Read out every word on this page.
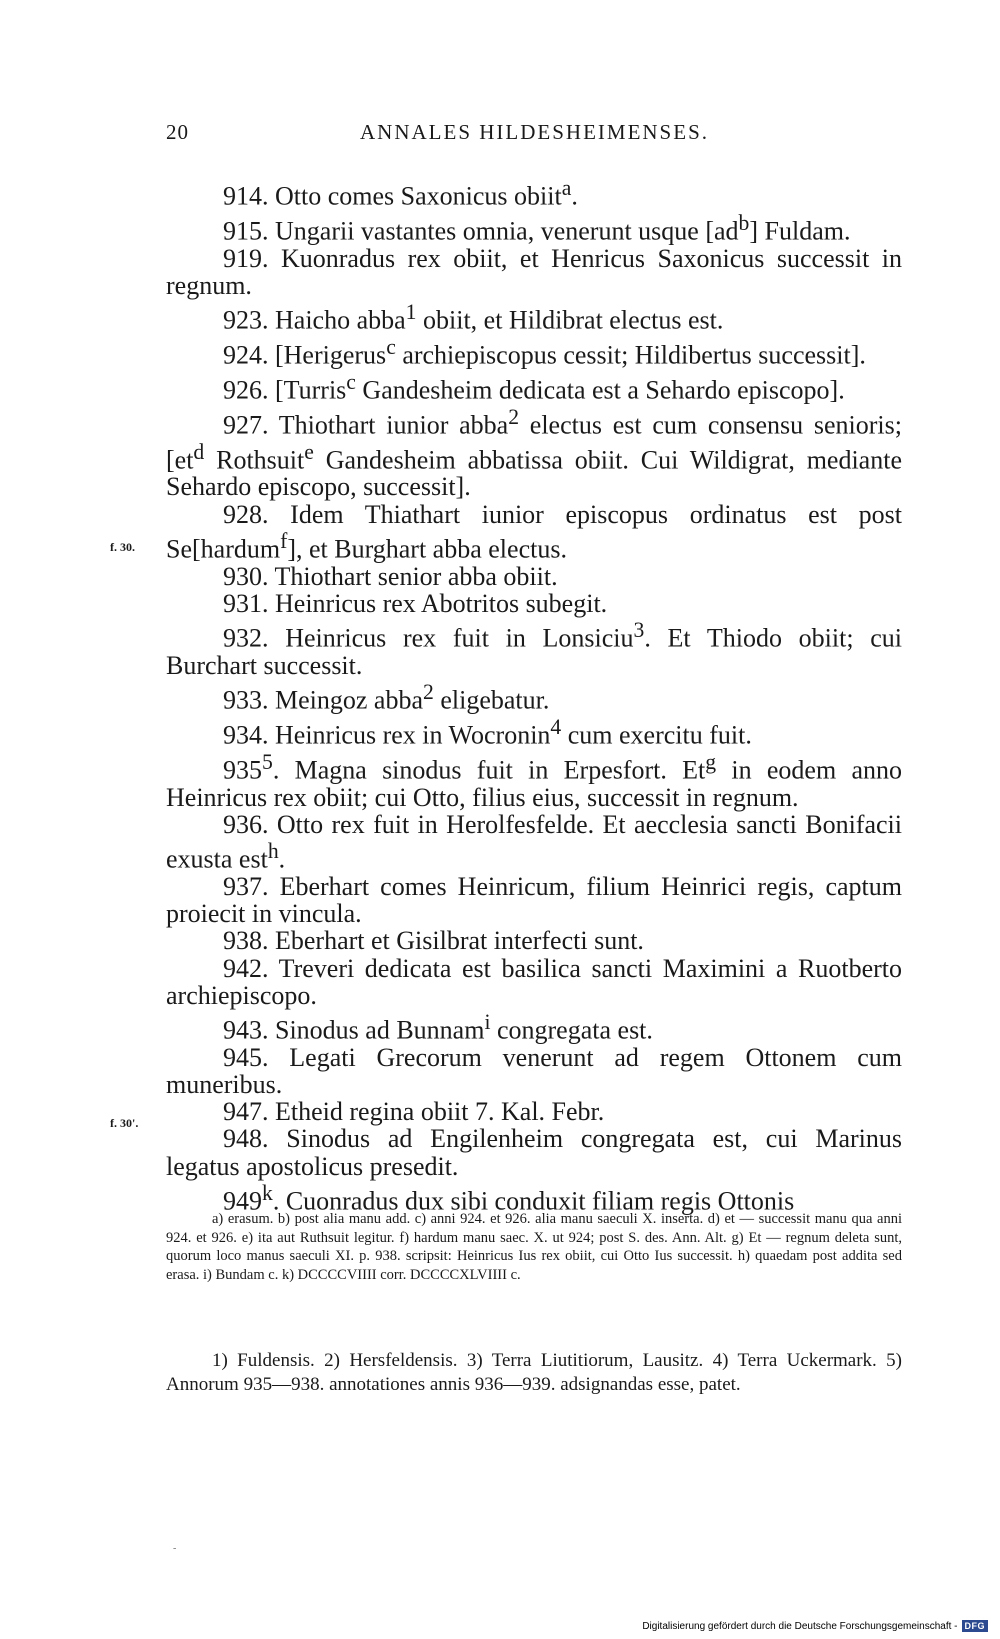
20	ANNALES HILDESHEIMENSES.
f. 30.
f. 30'.

914. Otto comes Saxonicus obiit$^a$.

915. Ungarii vastantes omnia, venerunt usque $[ad^b]$ Fuldam.

919. Kuonradus rex obiit, et Henricus Saxonicus successit in regnum.

923. Haicho abba$^1$ obiit, et Hildibrat electus est.

924. [Herigerus$^c$ archiepiscopus cessit; Hildibertus successit].

926. [Turris$^c$ Gandesheim dedicata est a Sehardo episcopo].

927. Thiothart iunior abba$^2$ electus est cum consensu senioris; [$et^d$ Rothsuit$^e$ Gandesheim abbatissa obiit. Cui Wildigrat, mediante Sehardo episcopo, successit].

928. Idem Thiathart iunior episcopus ordinatus est post Se[hardum$^f$], et Burghart abba electus.

930. Thiothart senior abba obiit.

931. Heinricus rex Abotritos subegit.

932. Heinricus rex fuit in Lonsiciu$^3$. Et Thiodo obiit; cui Burchart successit.

933. Meingoz abba$^2$ eligebatur.

934. Heinricus rex in Wocronin$^4$ cum exercitu fuit.

$935^5$. Magna sinodus fuit in Erpesfort. Et$^g$ in eodem anno Heinricus rex obiit; cui Otto, filius eius, successit in regnum.

936. Otto rex fuit in Herolfesfelde. Et aecclesia sancti Bonifacii exusta est$^h$.

937. Eberhart comes Heinricum, filium Heinrici regis, captum proiecit in vincula.

938. Eberhart et Gisilbrat interfecti sunt.

942. Treveri dedicata est basilica sancti Maximini a Ruotberto archiepiscopo.

943. Sinodus ad Bunnam$^i$ congregata est.

945. Legati Grecorum venerunt ad regem Ottonem cum muneribus.

947. Etheid regina obiit 7. Kal. Febr.

948. Sinodus ad Engilenheim congregata est, cui Marinus legatus apostolicus presedit.

949$^k$. Cuonradus dux sibi conduxit filiam regis Ottonis

a) erasum. b) post alia manu add. c) anni 924. et 926. alia manu saeculi X. inserta. d) et — successit manu qua anni 924. et 926. e) ita aut Ruthsuit legitur. f) hardum manu saec. X. ut 924; post S. des. Ann. Alt. g) Et — regnum deleta sunt, quorum loco manus saeculi XI. p. 938. scripsit: Heinricus Ius rex obiit, cui Otto Ius successit. h) quaedam post addita sed erasa. i) Bundam c. k) DCCCCVIIII corr. DCCCCXLVIIII c.

1) Fuldensis. 2) Hersfeldensis. 3) Terra Liutitiorum, Lausitz. 4) Terra Uckermark. 5) Annorum 935—938. annotationes annis 936—939. adsignandas esse, patet.

-
Digitalisierung gefördert durch die Deutsche Forschungsgemeinschaft - DFG
